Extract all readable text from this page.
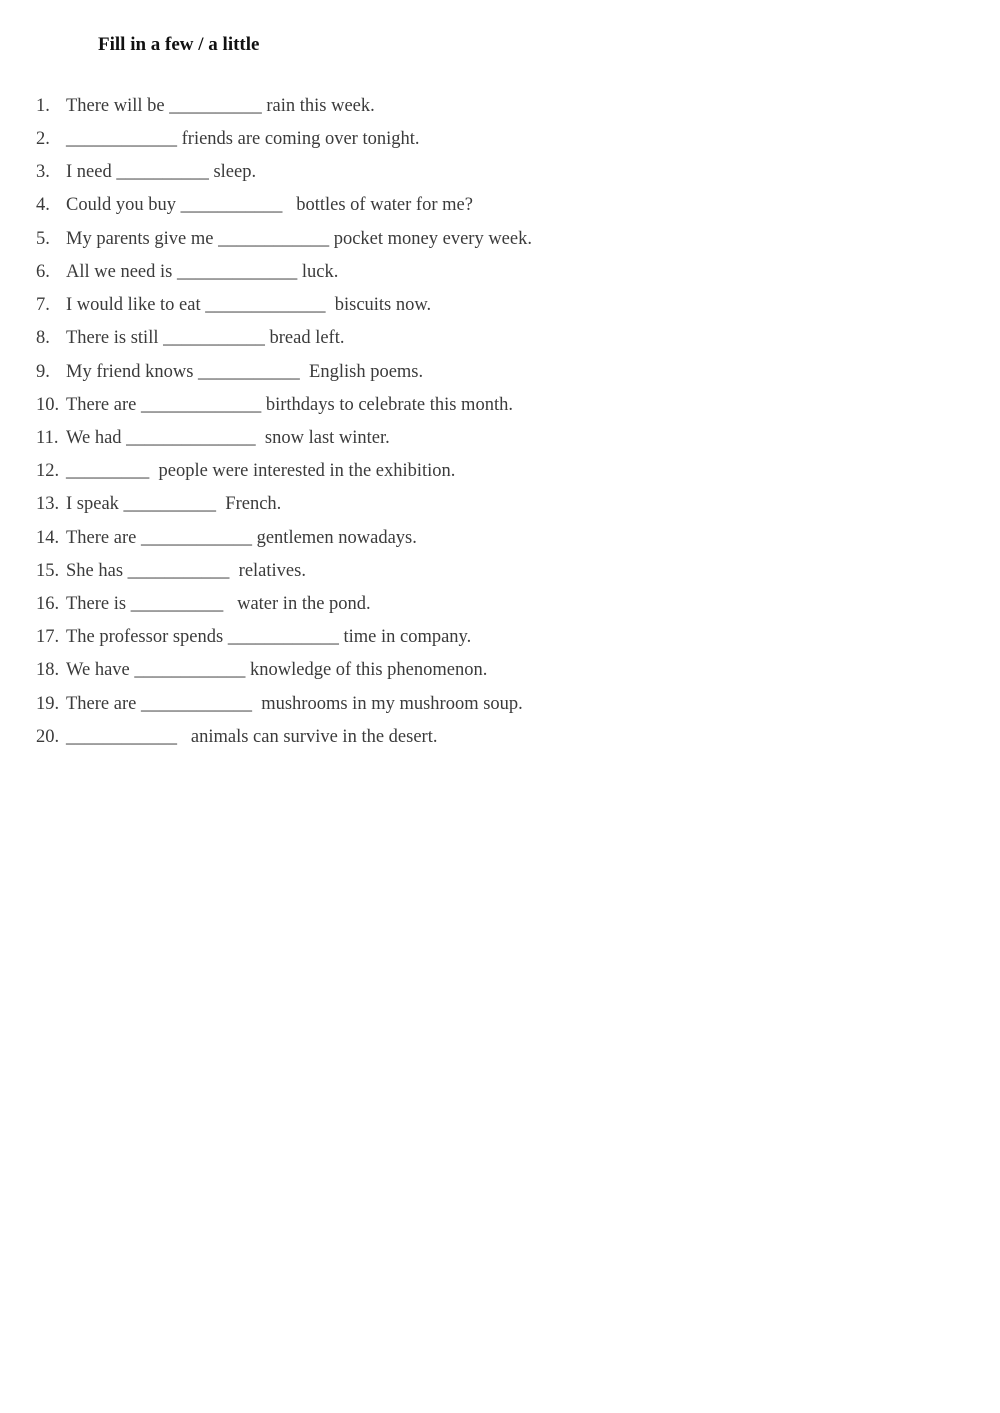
Fill in a few / a little
1. There will be __________ rain this week.
2. ____________ friends are coming over tonight.
3. I need __________ sleep.
4. Could you buy ___________   bottles of water for me?
5. My parents give me ____________ pocket money every week.
6. All we need is _____________ luck.
7. I would like to eat _____________  biscuits now.
8. There is still ___________ bread left.
9. My friend knows ___________  English poems.
10. There are _____________ birthdays to celebrate this month.
11. We had ______________  snow last winter.
12. _________  people were interested in the exhibition.
13. I speak __________  French.
14. There are ____________ gentlemen nowadays.
15. She has ___________  relatives.
16. There is __________   water in the pond.
17. The professor spends ____________ time in company.
18. We have ____________ knowledge of this phenomenon.
19. There are ____________  mushrooms in my mushroom soup.
20. ____________   animals can survive in the desert.
